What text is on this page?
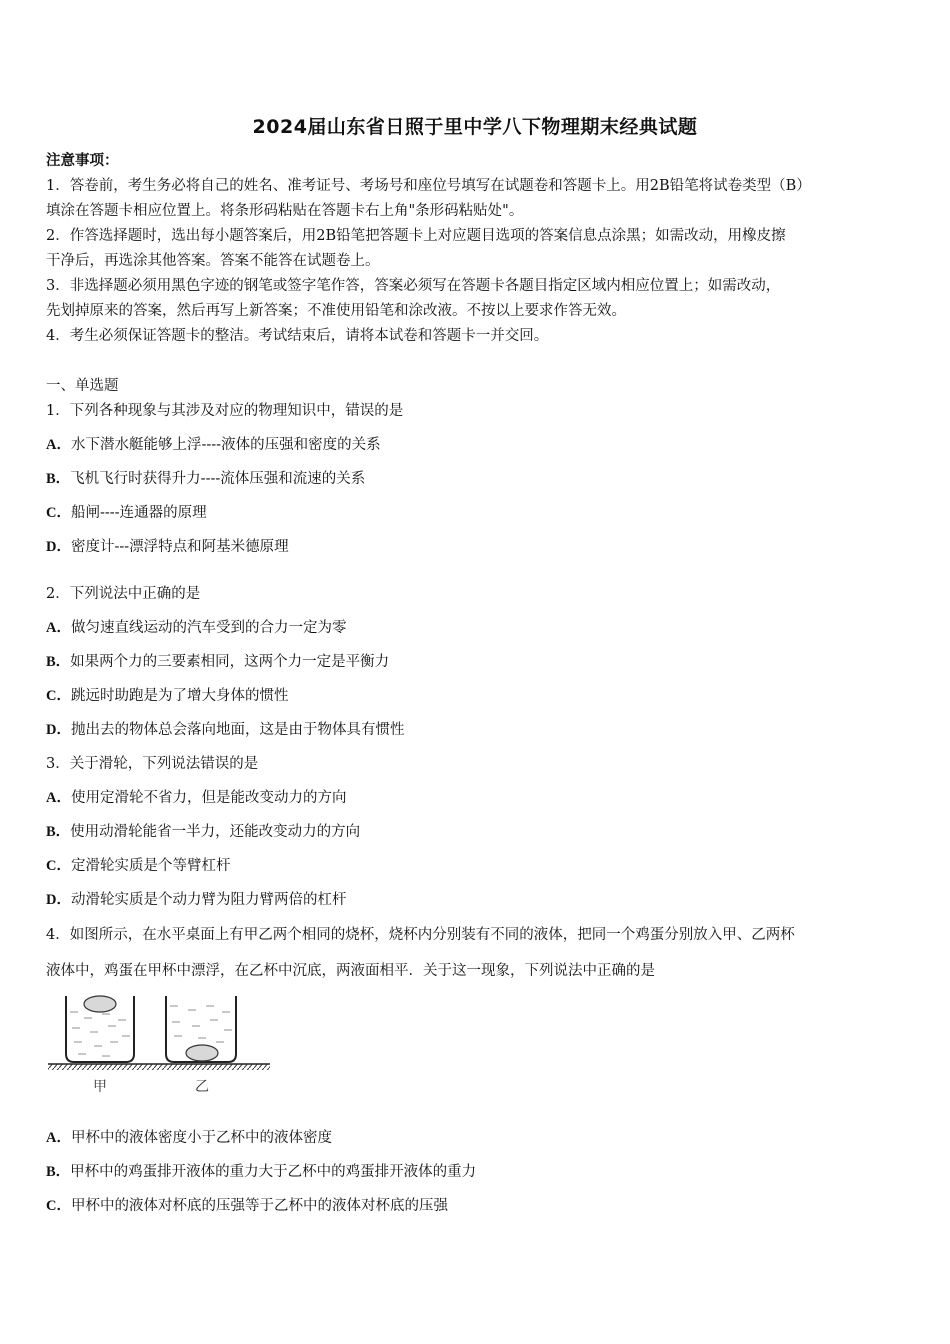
2024届山东省日照于里中学八下物理期末经典试题
注意事项：
1．答卷前，考生务必将自己的姓名、准考证号、考场号和座位号填写在试题卷和答题卡上。用2B铅笔将试卷类型（B）
填涂在答题卡相应位置上。将条形码粘贴在答题卡右上角"条形码粘贴处"。
2．作答选择题时，选出每小题答案后，用2B铅笔把答题卡上对应题目选项的答案信息点涂黑；如需改动，用橡皮擦
干净后，再选涂其他答案。答案不能答在试题卷上。
3．非选择题必须用黑色字迹的钢笔或签字笔作答，答案必须写在答题卡各题目指定区域内相应位置上；如需改动，
先划掉原来的答案，然后再写上新答案；不准使用铅笔和涂改液。不按以上要求作答无效。
4．考生必须保证答题卡的整洁。考试结束后，请将本试卷和答题卡一并交回。
一、单选题
1．下列各种现象与其涉及对应的物理知识中，错误的是
A．水下潜水艇能够上浮----液体的压强和密度的关系
B．飞机飞行时获得升力----流体压强和流速的关系
C．船闸----连通器的原理
D．密度计---漂浮特点和阿基米德原理
2．下列说法中正确的是
A．做匀速直线运动的汽车受到的合力一定为零
B．如果两个力的三要素相同，这两个力一定是平衡力
C．跳远时助跑是为了增大身体的惯性
D．抛出去的物体总会落向地面，这是由于物体具有惯性
3．关于滑轮，下列说法错误的是
A．使用定滑轮不省力，但是能改变动力的方向
B．使用动滑轮能省一半力，还能改变动力的方向
C．定滑轮实质是个等臂杠杆
D．动滑轮实质是个动力臂为阻力臂两倍的杠杆
4．如图所示，在水平桌面上有甲乙两个相同的烧杯，烧杯内分别装有不同的液体，把同一个鸡蛋分别放入甲、乙两杯
液体中，鸡蛋在甲杯中漂浮，在乙杯中沉底，两液面相平．关于这一现象，下列说法中正确的是
甲	乙
A．甲杯中的液体密度小于乙杯中的液体密度
B．甲杯中的鸡蛋排开液体的重力大于乙杯中的鸡蛋排开液体的重力
C．甲杯中的液体对杯底的压强等于乙杯中的液体对杯底的压强
